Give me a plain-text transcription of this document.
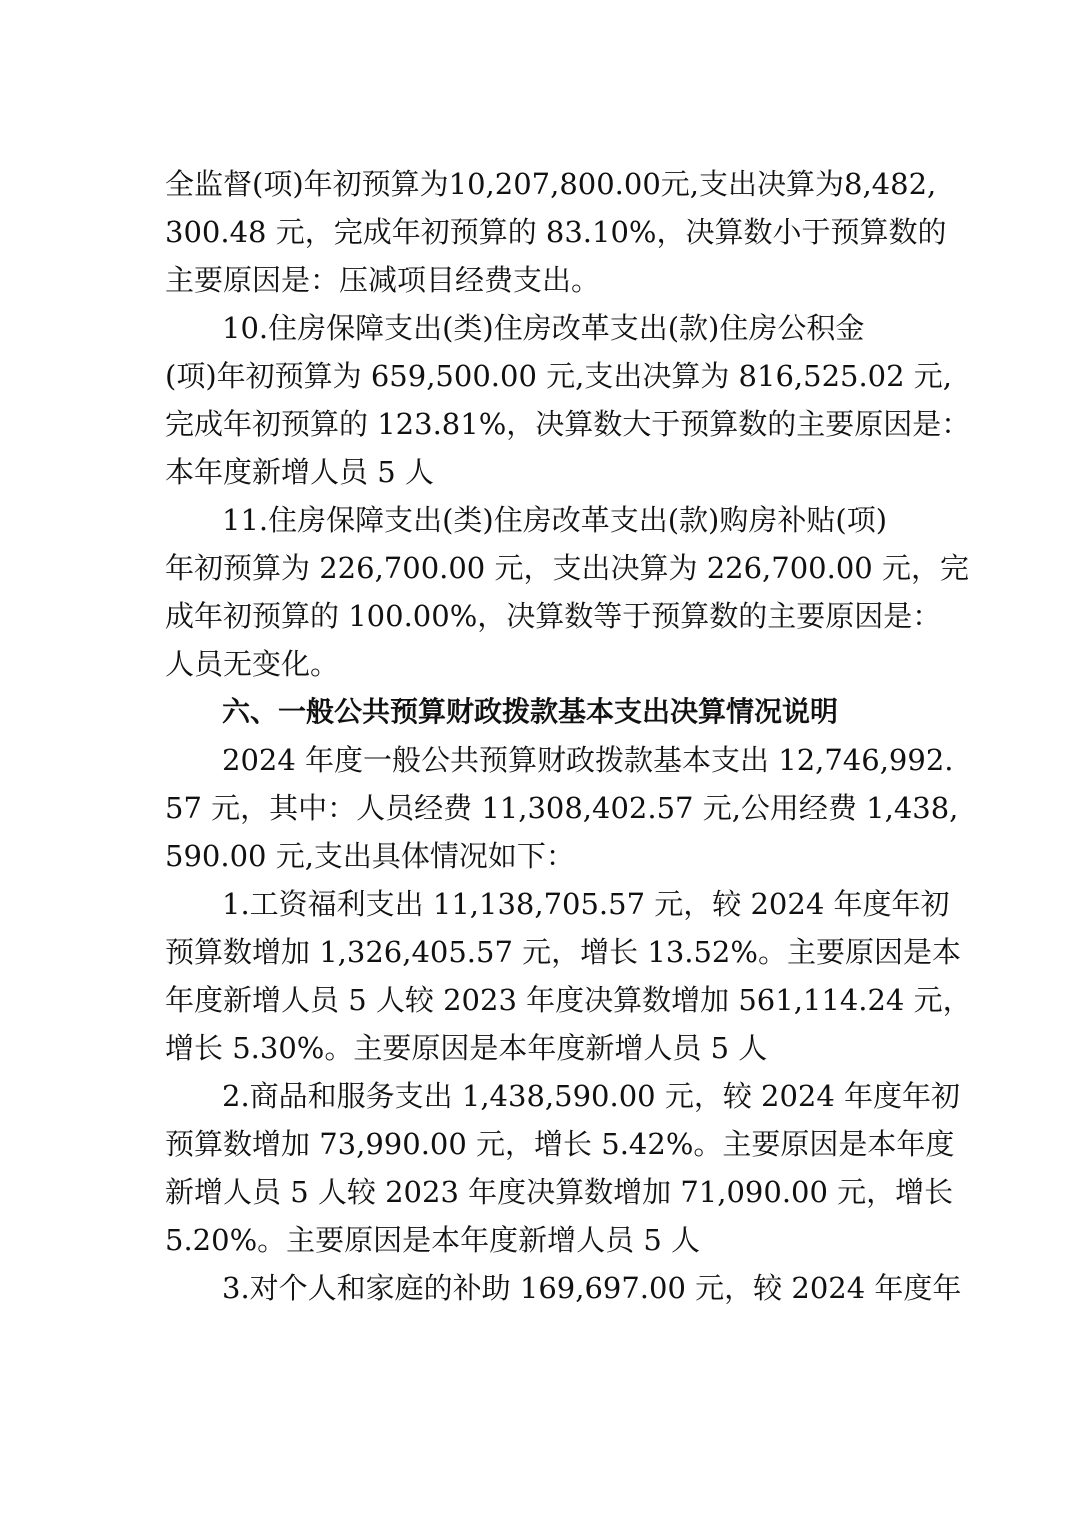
全监督(项)年初预算为10,207,800.00元,支出决算为8,482,
300.48 元，完成年初预算的 83.10%，决算数小于预算数的
主要原因是：压减项目经费支出。
10.住房保障支出(类)住房改革支出(款)住房公积金
(项)年初预算为 659,500.00 元,支出决算为 816,525.02 元,
完成年初预算的 123.81%，决算数大于预算数的主要原因是：
本年度新增人员 5 人
11.住房保障支出(类)住房改革支出(款)购房补贴(项)
年初预算为 226,700.00 元，支出决算为 226,700.00 元，完
成年初预算的 100.00%，决算数等于预算数的主要原因是：
人员无变化。
六、一般公共预算财政拨款基本支出决算情况说明
2024 年度一般公共预算财政拨款基本支出 12,746,992.
57 元，其中：人员经费 11,308,402.57 元,公用经费 1,438,
590.00 元,支出具体情况如下：
1.工资福利支出 11,138,705.57 元，较 2024 年度年初
预算数增加 1,326,405.57 元，增长 13.52%。主要原因是本
年度新增人员 5 人较 2023 年度决算数增加 561,114.24 元，
增长 5.30%。主要原因是本年度新增人员 5 人
2.商品和服务支出 1,438,590.00 元，较 2024 年度年初
预算数增加 73,990.00 元，增长 5.42%。主要原因是本年度
新增人员 5 人较 2023 年度决算数增加 71,090.00 元，增长
5.20%。主要原因是本年度新增人员 5 人
3.对个人和家庭的补助 169,697.00 元，较 2024 年度年
